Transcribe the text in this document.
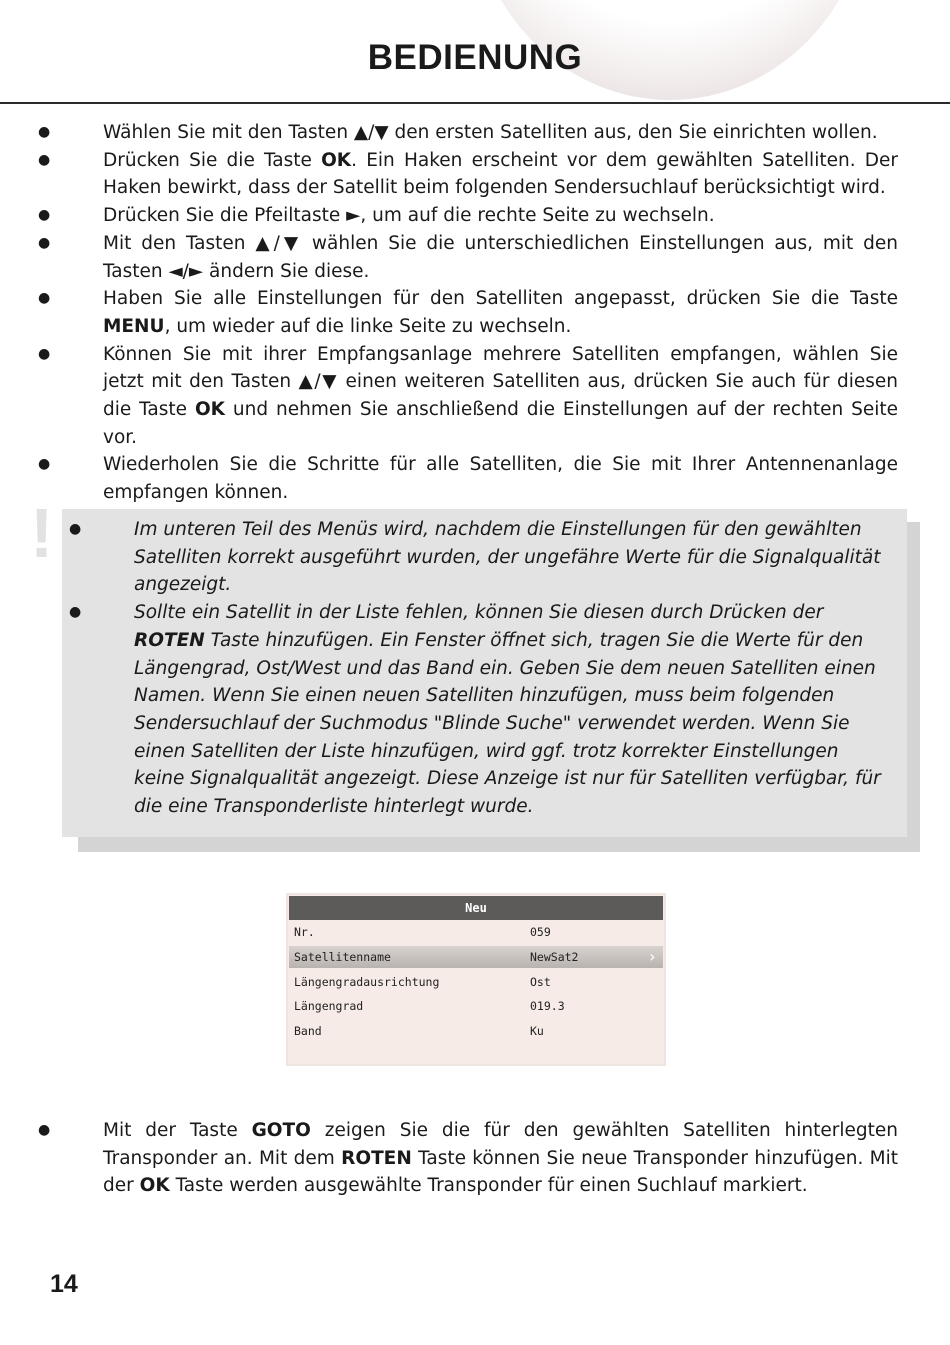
BEDIENUNG
●	Wählen Sie mit den Tasten ▲/▼ den ersten Satelliten aus, den Sie einrichten wollen.
●	Drücken Sie die Taste OK. Ein Haken erscheint vor dem gewählten Satelliten. Der Haken bewirkt, dass der Satellit beim folgenden Sendersuchlauf berücksichtigt wird.
●	Drücken Sie die Pfeiltaste ►, um auf die rechte Seite zu wechseln.
●	Mit den Tasten ▲/▼ wählen Sie die unterschiedlichen Einstellungen aus, mit den Tasten ◄/► ändern Sie diese.
●	Haben Sie alle Einstellungen für den Satelliten angepasst, drücken Sie die Taste MENU, um wieder auf die linke Seite zu wechseln.
●	Können Sie mit ihrer Empfangsanlage mehrere Satelliten empfangen, wählen Sie jetzt mit den Tasten ▲/▼ einen weiteren Satelliten aus, drücken Sie auch für diesen die Taste OK und nehmen Sie anschließend die Einstellungen auf der rechten Seite vor.
●	Wiederholen Sie die Schritte für alle Satelliten, die Sie mit Ihrer Antennenanlage empfangen können.
! ●	Im unteren Teil des Menüs wird, nachdem die Einstellungen für den gewählten Satelliten korrekt ausgeführt wurden, der ungefähre Werte für die Signalqualität angezeigt.
●	Sollte ein Satellit in der Liste fehlen, können Sie diesen durch Drücken der ROTEN Taste hinzufügen. Ein Fenster öffnet sich, tragen Sie die Werte für den Längengrad, Ost/West und das Band ein. Geben Sie dem neuen Satelliten einen Namen. Wenn Sie einen neuen Satelliten hinzufügen, muss beim folgenden Sendersuchlauf der Suchmodus "Blinde Suche" verwendet werden. Wenn Sie einen Satelliten der Liste hinzufügen, wird ggf. trotz korrekter Einstellungen keine Signalqualität angezeigt. Diese Anzeige ist nur für Satelliten verfügbar, für die eine Transponderliste hinterlegt wurde.
Neu
Nr.	059
Satellitenname	NewSat2	›
Längengradausrichtung	Ost
Längengrad	019.3
Band	Ku
●	Mit der Taste GOTO zeigen Sie die für den gewählten Satelliten hinterlegten Transponder an. Mit dem ROTEN Taste können Sie neue Transponder hinzufügen. Mit der OK Taste werden ausgewählte Transponder für einen Suchlauf markiert.
14
